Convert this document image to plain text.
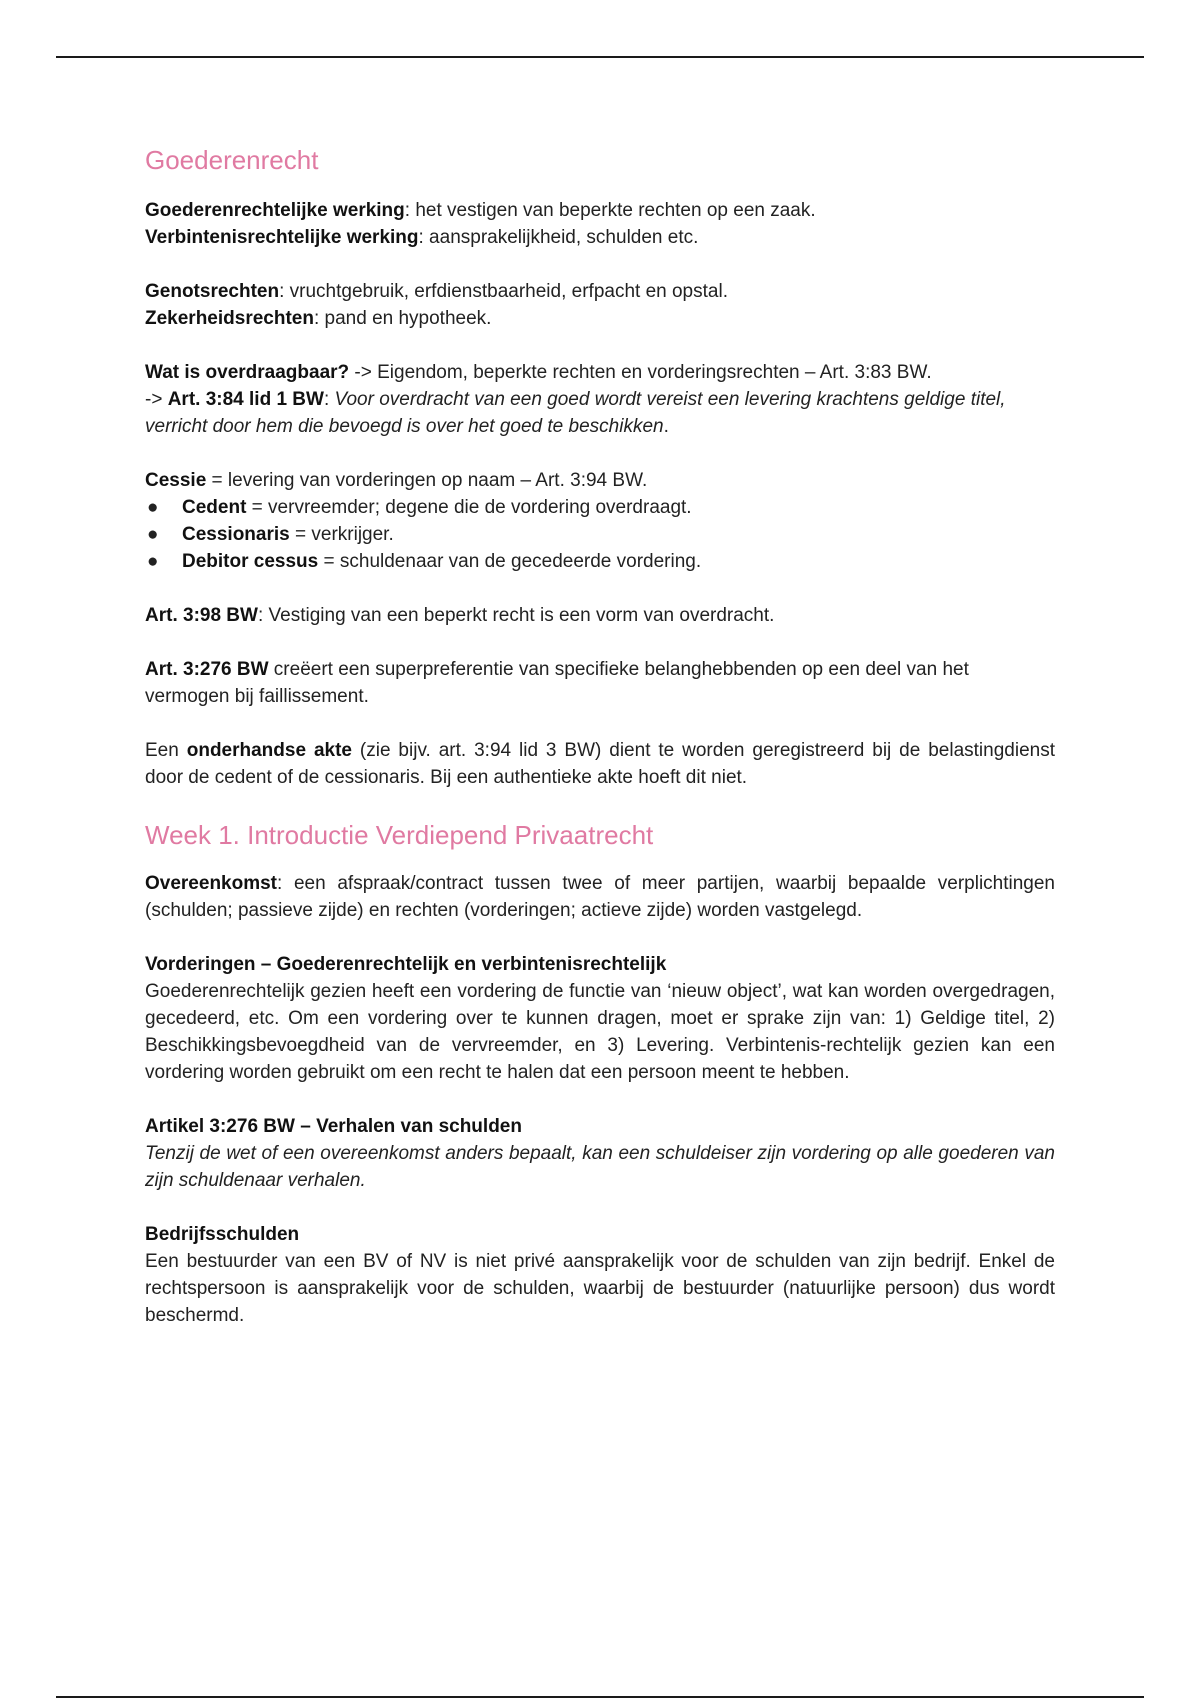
Goederenrecht

Goederenrechtelijke werking: het vestigen van beperkte rechten op een zaak.
Verbintenisrechtelijke werking: aansprakelijkheid, schulden etc.

Genotsrechten: vruchtgebruik, erfdienstbaarheid, erfpacht en opstal.
Zekerheidsrechten: pand en hypotheek.

Wat is overdraagbaar? -> Eigendom, beperkte rechten en vorderingsrechten – Art. 3:83 BW.
-> Art. 3:84 lid 1 BW: Voor overdracht van een goed wordt vereist een levering krachtens geldige titel, verricht door hem die bevoegd is over het goed te beschikken.

Cessie = levering van vorderingen op naam – Art. 3:94 BW.

● Cedent = vervreemder; degene die de vordering overdraagt.
● Cessionaris = verkrijger.
● Debitor cessus = schuldenaar van de gecedeerde vordering.

Art. 3:98 BW: Vestiging van een beperkt recht is een vorm van overdracht.

Art. 3:276 BW creëert een superpreferentie van specifieke belanghebbenden op een deel van het vermogen bij faillissement.

Een onderhandse akte (zie bijv. art. 3:94 lid 3 BW) dient te worden geregistreerd bij de belastingdienst door de cedent of de cessionaris. Bij een authentieke akte hoeft dit niet.

Week 1. Introductie Verdiepend Privaatrecht

Overeenkomst: een afspraak/contract tussen twee of meer partijen, waarbij bepaalde verplichtingen (schulden; passieve zijde) en rechten (vorderingen; actieve zijde) worden vastgelegd.

Vorderingen – Goederenrechtelijk en verbintenisrechtelijk
Goederenrechtelijk gezien heeft een vordering de functie van ‘nieuw object’, wat kan worden overgedragen, gecedeerd, etc. Om een vordering over te kunnen dragen, moet er sprake zijn van: 1) Geldige titel, 2) Beschikkingsbevoegdheid van de vervreemder, en 3) Levering. Verbintenis-rechtelijk gezien kan een vordering worden gebruikt om een recht te halen dat een persoon meent te hebben.

Artikel 3:276 BW – Verhalen van schulden
Tenzij de wet of een overeenkomst anders bepaalt, kan een schuldeiser zijn vordering op alle goederen van zijn schuldenaar verhalen.

Bedrijfsschulden
Een bestuurder van een BV of NV is niet privé aansprakelijk voor de schulden van zijn bedrijf. Enkel de rechtspersoon is aansprakelijk voor de schulden, waarbij de bestuurder (natuurlijke persoon) dus wordt beschermd.
